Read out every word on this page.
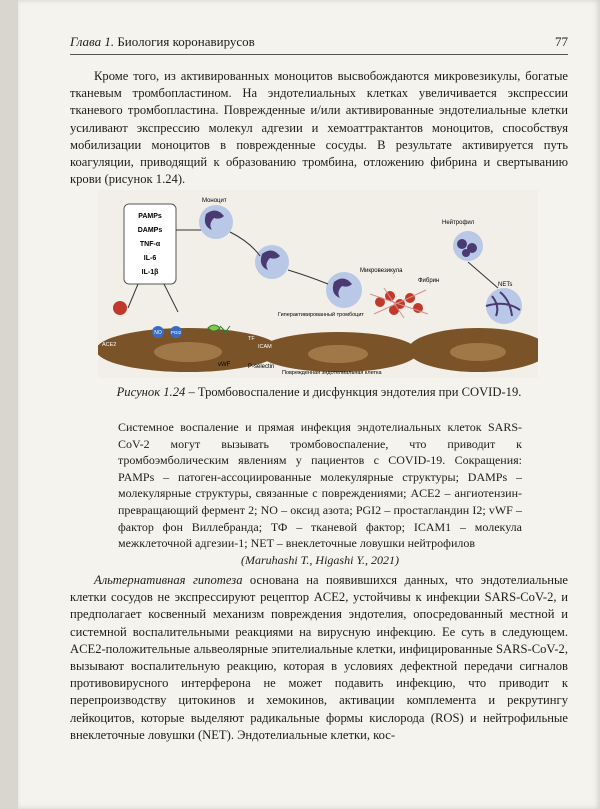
Глава 1. Биология коронавирусов	77

Кроме того, из активированных моноцитов высвобождаются микровезикулы, богатые тканевым тромбопластином. На эндотелиальных клетках увеличивается экспрессии тканевого тромбопластина. Поврежденные и/или активированные эндотелиальные клетки усиливают экспрессию молекул адгезии и хемоаттрактантов моноцитов, способствуя мобилизации моноцитов в поврежденные сосуды. В результате активируется путь коагуляции, приводящий к образованию тромбина, отложению фибрина и свертыванию крови (рисунок 1.24).

PAMPs
DAMPs
TNF-α
IL-6
IL-1β
Моноцит
Микровезикула
Фибрин
Нейтрофил
NETs
ACE2
NO PGI2
TF
ICAM
vWF	P-selectin
Гиперактивированный тромбоцит
Поврежденная эндотелиальная клетка
Рисунок 1.24 – Тромбовоспаление и дисфункция эндотелия при COVID-19.
Системное воспаление и прямая инфекция эндотелиальных клеток SARS-CoV-2 могут вызывать тромбовоспаление, что приводит к тромбоэмболическим явлениям у пациентов с COVID-19. Сокращения: PAMPs – патоген-ассоциированные молекулярные структуры; DAMPs – молекулярные структуры, связанные с повреждениями; ACE2 – ангиотензин-превращающий фермент 2; NO – оксид азота; PGI2 – простагландин I2; vWF – фактор фон Виллебранда; ТФ – тканевой фактор; ICAM1 – молекула межклеточной адгезии-1; NET – внеклеточные ловушки нейтрофилов
(Maruhashi T., Higashi Y., 2021)

Альтернативная гипотеза основана на появившихся данных, что эндотелиальные клетки сосудов не экспрессируют рецептор ACE2, устойчивы к инфекции SARS-CoV-2, и предполагает косвенный механизм повреждения эндотелия, опосредованный местной и системной воспалительными реакциями на вирусную инфекцию. Ее суть в следующем. ACE2-положительные альвеолярные эпителиальные клетки, инфицированные SARS-CoV-2, вызывают воспалительную реакцию, которая в условиях дефектной передачи сигналов противовирусного интерферона не может подавить инфекцию, что приводит к перепроизводству цитокинов и хемокинов, активации комплемента и рекрутингу лейкоцитов, которые выделяют радикальные формы кислорода (ROS) и нейтрофильные внеклеточные ловушки (NET). Эндотелиальные клетки, кос-
